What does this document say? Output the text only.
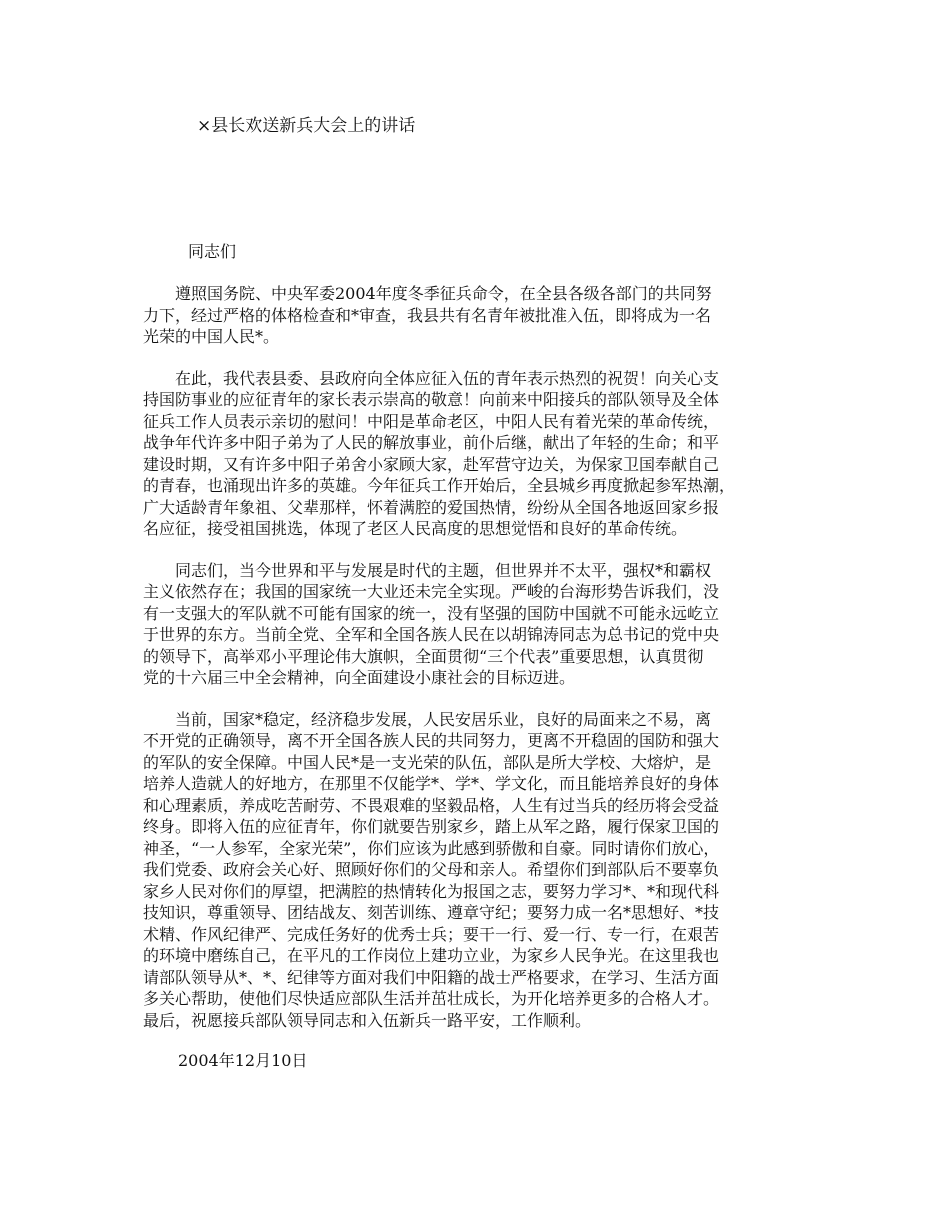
×县长欢送新兵大会上的讲话
同志们
　　遵照国务院、中央军委2004年度冬季征兵命令，在全县各级各部门的共同努
力下，经过严格的体格检查和*审查，我县共有名青年被批准入伍，即将成为一名
光荣的中国人民*。
　　在此，我代表县委、县政府向全体应征入伍的青年表示热烈的祝贺！向关心支
持国防事业的应征青年的家长表示崇高的敬意！向前来中阳接兵的部队领导及全体
征兵工作人员表示亲切的慰问！中阳是革命老区，中阳人民有着光荣的革命传统，
战争年代许多中阳子弟为了人民的解放事业，前仆后继，献出了年轻的生命；和平
建设时期，又有许多中阳子弟舍小家顾大家，赴军营守边关，为保家卫国奉献自己
的青春，也涌现出许多的英雄。今年征兵工作开始后，全县城乡再度掀起参军热潮，
广大适龄青年象祖、父辈那样，怀着满腔的爱国热情，纷纷从全国各地返回家乡报
名应征，接受祖国挑选，体现了老区人民高度的思想觉悟和良好的革命传统。
　　同志们，当今世界和平与发展是时代的主题，但世界并不太平，强权*和霸权
主义依然存在；我国的国家统一大业还未完全实现。严峻的台海形势告诉我们，没
有一支强大的军队就不可能有国家的统一，没有坚强的国防中国就不可能永远屹立
于世界的东方。当前全党、全军和全国各族人民在以胡锦涛同志为总书记的党中央
的领导下，高举邓小平理论伟大旗帜，全面贯彻“三个代表”重要思想，认真贯彻
党的十六届三中全会精神，向全面建设小康社会的目标迈进。
　　当前，国家*稳定，经济稳步发展，人民安居乐业，良好的局面来之不易，离
不开党的正确领导，离不开全国各族人民的共同努力，更离不开稳固的国防和强大
的军队的安全保障。中国人民*是一支光荣的队伍，部队是所大学校、大熔炉，是
培养人造就人的好地方，在那里不仅能学*、学*、学文化，而且能培养良好的身体
和心理素质，养成吃苦耐劳、不畏艰难的坚毅品格，人生有过当兵的经历将会受益
终身。即将入伍的应征青年，你们就要告别家乡，踏上从军之路，履行保家卫国的
神圣，“一人参军，全家光荣”，你们应该为此感到骄傲和自豪。同时请你们放心，
我们党委、政府会关心好、照顾好你们的父母和亲人。希望你们到部队后不要辜负
家乡人民对你们的厚望，把满腔的热情转化为报国之志，要努力学习*、*和现代科
技知识，尊重领导、团结战友、刻苦训练、遵章守纪；要努力成一名*思想好、*技
术精、作风纪律严、完成任务好的优秀士兵；要干一行、爱一行、专一行，在艰苦
的环境中磨练自己，在平凡的工作岗位上建功立业，为家乡人民争光。在这里我也
请部队领导从*、*、纪律等方面对我们中阳籍的战士严格要求，在学习、生活方面
多关心帮助，使他们尽快适应部队生活并茁壮成长，为开化培养更多的合格人才。
最后，祝愿接兵部队领导同志和入伍新兵一路平安，工作顺利。
2004年12月10日
